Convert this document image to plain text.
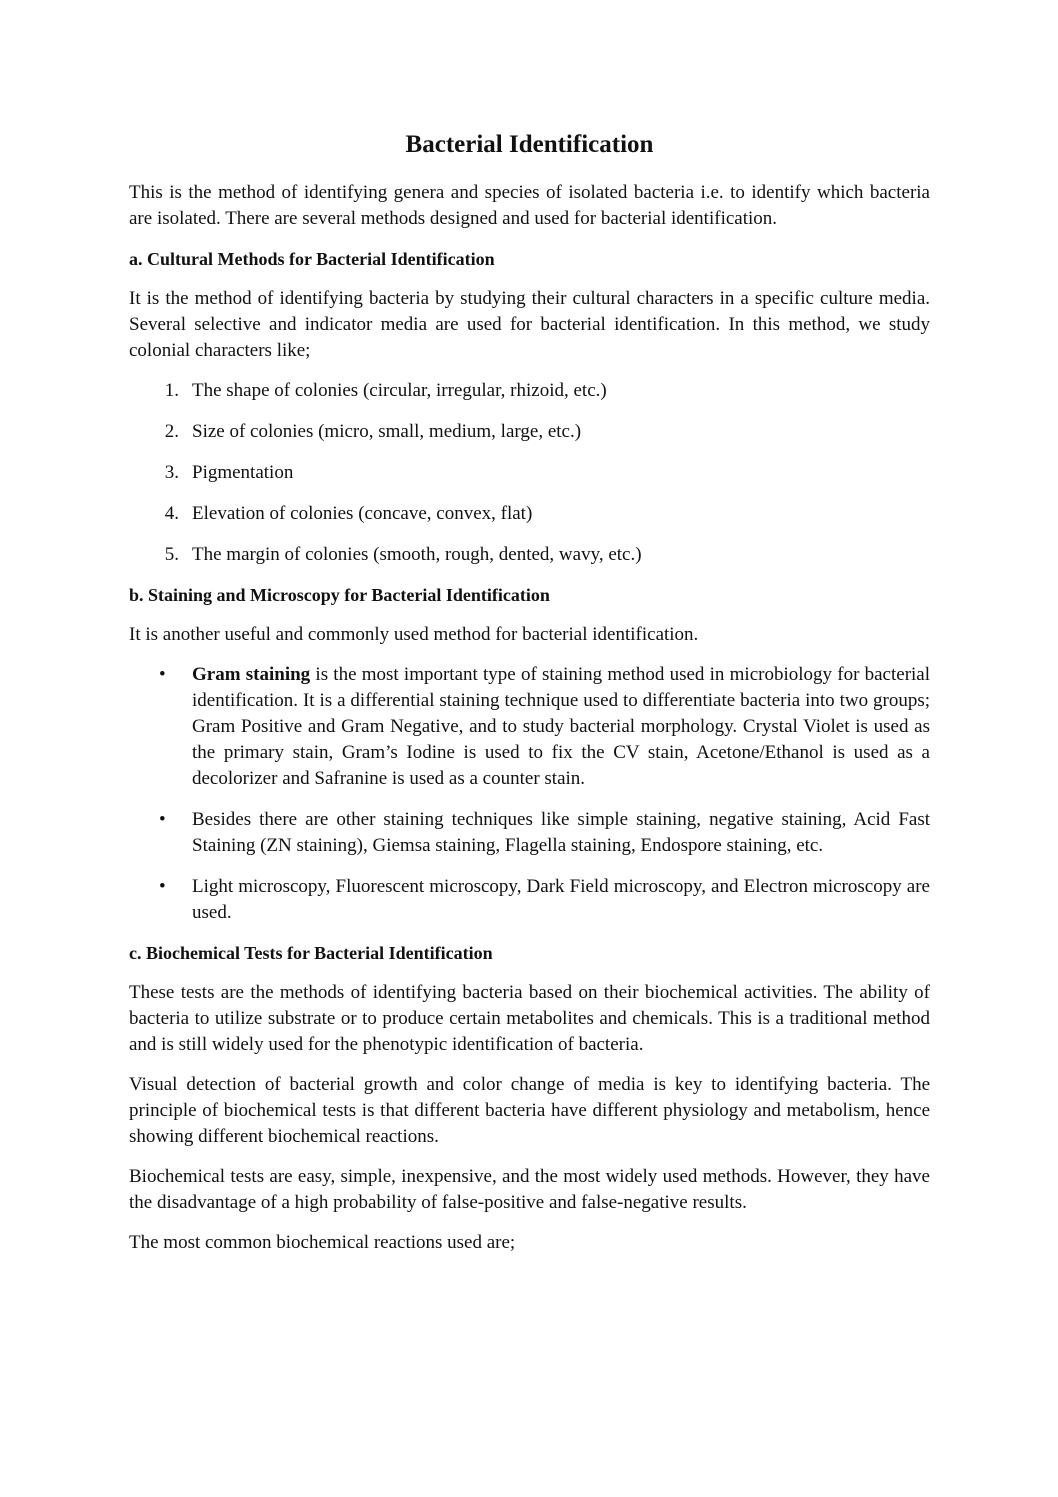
Bacterial Identification

This is the method of identifying genera and species of isolated bacteria i.e. to identify which bacteria are isolated. There are several methods designed and used for bacterial identification.

a. Cultural Methods for Bacterial Identification

It is the method of identifying bacteria by studying their cultural characters in a specific culture media. Several selective and indicator media are used for bacterial identification. In this method, we study colonial characters like;

1. The shape of colonies (circular, irregular, rhizoid, etc.)
2. Size of colonies (micro, small, medium, large, etc.)
3. Pigmentation
4. Elevation of colonies (concave, convex, flat)
5. The margin of colonies (smooth, rough, dented, wavy, etc.)
b. Staining and Microscopy for Bacterial Identification

It is another useful and commonly used method for bacterial identification.

• Gram staining is the most important type of staining method used in microbiology for bacterial identification. It is a differential staining technique used to differentiate bacteria into two groups; Gram Positive and Gram Negative, and to study bacterial morphology. Crystal Violet is used as the primary stain, Gram’s Iodine is used to fix the CV stain, Acetone/Ethanol is used as a decolorizer and Safranine is used as a counter stain.
• Besides there are other staining techniques like simple staining, negative staining, Acid Fast Staining (ZN staining), Giemsa staining, Flagella staining, Endospore staining, etc.
• Light microscopy, Fluorescent microscopy, Dark Field microscopy, and Electron microscopy are used.
c. Biochemical Tests for Bacterial Identification

These tests are the methods of identifying bacteria based on their biochemical activities. The ability of bacteria to utilize substrate or to produce certain metabolites and chemicals. This is a traditional method and is still widely used for the phenotypic identification of bacteria.

Visual detection of bacterial growth and color change of media is key to identifying bacteria. The principle of biochemical tests is that different bacteria have different physiology and metabolism, hence showing different biochemical reactions.

Biochemical tests are easy, simple, inexpensive, and the most widely used methods. However, they have the disadvantage of a high probability of false-positive and false-negative results.

The most common biochemical reactions used are;
